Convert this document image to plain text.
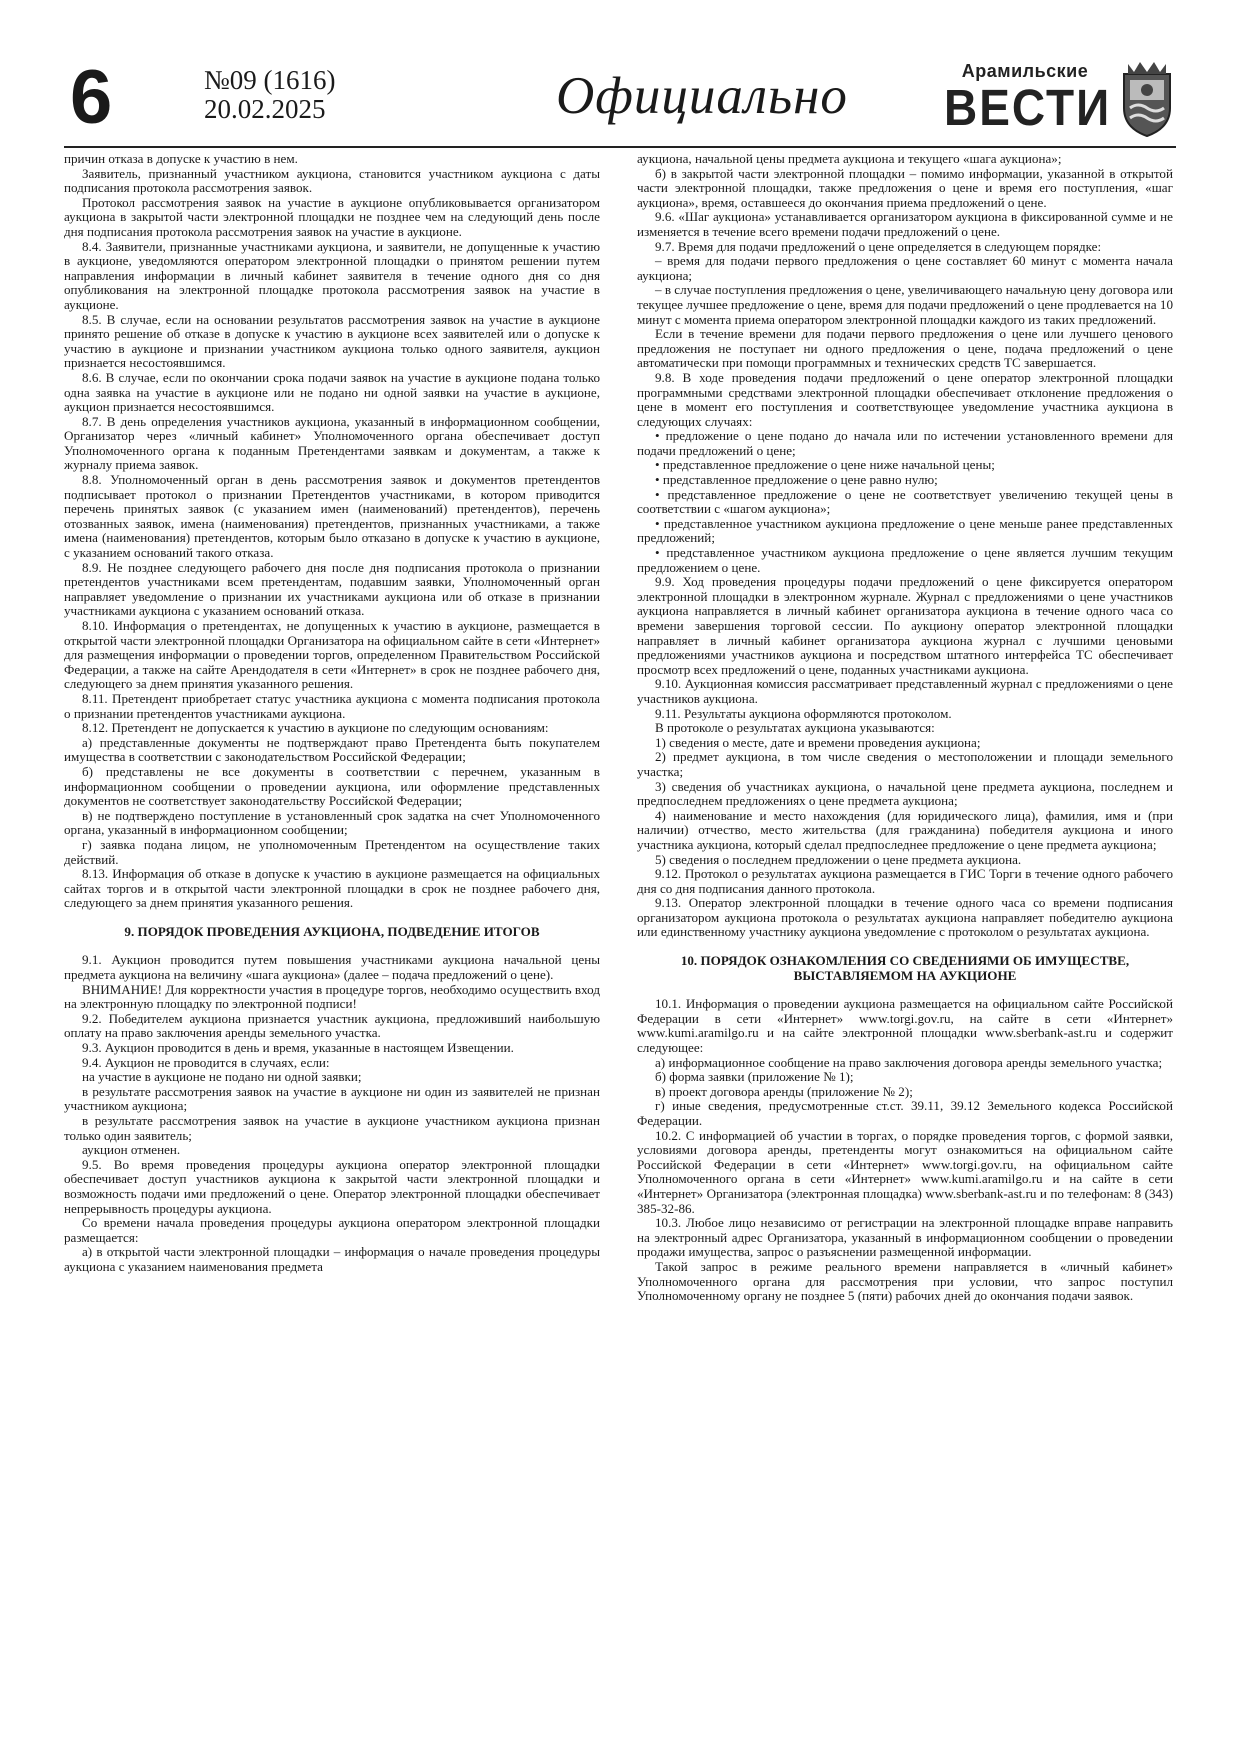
6	№09 (1616)
20.02.2025	Официально	Арамильские
ВЕСТИ

причин отказа в допуске к участию в нем.

Заявитель, признанный участником аукциона, становится участником аукциона с даты подписания протокола рассмотрения заявок.

Протокол рассмотрения заявок на участие в аукционе опубликовывается организатором аукциона в закрытой части электронной площадки не позднее чем на следующий день после дня подписания протокола рассмотрения заявок на участие в аукционе.

8.4. Заявители, признанные участниками аукциона, и заявители, не допущенные к участию в аукционе, уведомляются оператором электронной площадки о принятом решении путем направления информации в личный кабинет заявителя в течение одного дня со дня опубликования на электронной площадке протокола рассмотрения заявок на участие в аукционе.

8.5. В случае, если на основании результатов рассмотрения заявок на участие в аукционе принято решение об отказе в допуске к участию в аукционе всех заявителей или о допуске к участию в аукционе и признании участником аукциона только одного заявителя, аукцион признается несостоявшимся.

8.6. В случае, если по окончании срока подачи заявок на участие в аукционе подана только одна заявка на участие в аукционе или не подано ни одной заявки на участие в аукционе, аукцион признается несостоявшимся.

8.7. В день определения участников аукциона, указанный в информационном сообщении, Организатор через «личный кабинет» Уполномоченного органа обеспечивает доступ Уполномоченного органа к поданным Претендентами заявкам и документам, а также к журналу приема заявок.

8.8. Уполномоченный орган в день рассмотрения заявок и документов претендентов подписывает протокол о признании Претендентов участниками, в котором приводится перечень принятых заявок (с указанием имен (наименований) претендентов), перечень отозванных заявок, имена (наименования) претендентов, признанных участниками, а также имена (наименования) претендентов, которым было отказано в допуске к участию в аукционе, с указанием оснований такого отказа.

8.9. Не позднее следующего рабочего дня после дня подписания протокола о признании претендентов участниками всем претендентам, подавшим заявки, Уполномоченный орган направляет уведомление о признании их участниками аукциона или об отказе в признании участниками аукциона с указанием оснований отказа.

8.10. Информация о претендентах, не допущенных к участию в аукционе, размещается в открытой части электронной площадки Организатора на официальном сайте в сети «Интернет» для размещения информации о проведении торгов, определенном Правительством Российской Федерации, а также на сайте Арендодателя в сети «Интернет» в срок не позднее рабочего дня, следующего за днем принятия указанного решения.

8.11. Претендент приобретает статус участника аукциона с момента подписания протокола о признании претендентов участниками аукциона.

8.12. Претендент не допускается к участию в аукционе по следующим основаниям:

а) представленные документы не подтверждают право Претендента быть покупателем имущества в соответствии с законодательством Российской Федерации;

б) представлены не все документы в соответствии с перечнем, указанным в информационном сообщении о проведении аукциона, или оформление представленных документов не соответствует законодательству Российской Федерации;

в) не подтверждено поступление в установленный срок задатка на счет Уполномоченного органа, указанный в информационном сообщении;

г) заявка подана лицом, не уполномоченным Претендентом на осуществление таких действий.

8.13. Информация об отказе в допуске к участию в аукционе размещается на официальных сайтах торгов и в открытой части электронной площадки в срок не позднее рабочего дня, следующего за днем принятия указанного решения.

9. ПОРЯДОК ПРОВЕДЕНИЯ АУКЦИОНА, ПОДВЕДЕНИЕ ИТОГОВ

9.1. Аукцион проводится путем повышения участниками аукциона начальной цены предмета аукциона на величину «шага аукциона» (далее – подача предложений о цене).

ВНИМАНИЕ! Для корректности участия в процедуре торгов, необходимо осуществить вход на электронную площадку по электронной подписи!

9.2. Победителем аукциона признается участник аукциона, предложивший наибольшую оплату на право заключения аренды земельного участка.

9.3. Аукцион проводится в день и время, указанные в настоящем Извещении.

9.4. Аукцион не проводится в случаях, если:

на участие в аукционе не подано ни одной заявки;

в результате рассмотрения заявок на участие в аукционе ни один из заявителей не признан участником аукциона;

в результате рассмотрения заявок на участие в аукционе участником аукциона признан только один заявитель;

аукцион отменен.

9.5. Во время проведения процедуры аукциона оператор электронной площадки обеспечивает доступ участников аукциона к закрытой части электронной площадки и возможность подачи ими предложений о цене. Оператор электронной площадки обеспечивает непрерывность процедуры аукциона.

Со времени начала проведения процедуры аукциона оператором электронной площадки размещается:

а) в открытой части электронной площадки – информация о начале проведения процедуры аукциона с указанием наименования предмета

аукциона, начальной цены предмета аукциона и текущего «шага аукциона»;

б) в закрытой части электронной площадки – помимо информации, указанной в открытой части электронной площадки, также предложения о цене и время его поступления, «шаг аукциона», время, оставшееся до окончания приема предложений о цене.

9.6. «Шаг аукциона» устанавливается организатором аукциона в фиксированной сумме и не изменяется в течение всего времени подачи предложений о цене.

9.7. Время для подачи предложений о цене определяется в следующем порядке:

– время для подачи первого предложения о цене составляет 60 минут с момента начала аукциона;

– в случае поступления предложения о цене, увеличивающего начальную цену договора или текущее лучшее предложение о цене, время для подачи предложений о цене продлевается на 10 минут с момента приема оператором электронной площадки каждого из таких предложений.

Если в течение времени для подачи первого предложения о цене или лучшего ценового предложения не поступает ни одного предложения о цене, подача предложений о цене автоматически при помощи программных и технических средств ТС завершается.

9.8. В ходе проведения подачи предложений о цене оператор электронной площадки программными средствами электронной площадки обеспечивает отклонение предложения о цене в момент его поступления и соответствующее уведомление участника аукциона в следующих случаях:

• предложение о цене подано до начала или по истечении установленного времени для подачи предложений о цене;

• представленное предложение о цене ниже начальной цены;

• представленное предложение о цене равно нулю;

• представленное предложение о цене не соответствует увеличению текущей цены в соответствии с «шагом аукциона»;

• представленное участником аукциона предложение о цене меньше ранее представленных предложений;

• представленное участником аукциона предложение о цене является лучшим текущим предложением о цене.

9.9. Ход проведения процедуры подачи предложений о цене фиксируется оператором электронной площадки в электронном журнале. Журнал с предложениями о цене участников аукциона направляется в личный кабинет организатора аукциона в течение одного часа со времени завершения торговой сессии. По аукциону оператор электронной площадки направляет в личный кабинет организатора аукциона журнал с лучшими ценовыми предложениями участников аукциона и посредством штатного интерфейса ТС обеспечивает просмотр всех предложений о цене, поданных участниками аукциона.

9.10. Аукционная комиссия рассматривает представленный журнал с предложениями о цене участников аукциона.

9.11. Результаты аукциона оформляются протоколом.

В протоколе о результатах аукциона указываются:

1) сведения о месте, дате и времени проведения аукциона;

2) предмет аукциона, в том числе сведения о местоположении и площади земельного участка;

3) сведения об участниках аукциона, о начальной цене предмета аукциона, последнем и предпоследнем предложениях о цене предмета аукциона;

4) наименование и место нахождения (для юридического лица), фамилия, имя и (при наличии) отчество, место жительства (для гражданина) победителя аукциона и иного участника аукциона, который сделал предпоследнее предложение о цене предмета аукциона;

5) сведения о последнем предложении о цене предмета аукциона.

9.12. Протокол о результатах аукциона размещается в ГИС Торги в течение одного рабочего дня со дня подписания данного протокола.

9.13. Оператор электронной площадки в течение одного часа со времени подписания организатором аукциона протокола о результатах аукциона направляет победителю аукциона или единственному участнику аукциона уведомление с протоколом о результатах аукциона.

10. ПОРЯДОК ОЗНАКОМЛЕНИЯ СО СВЕДЕНИЯМИ ОБ ИМУЩЕСТВЕ, ВЫСТАВЛЯЕМОМ НА АУКЦИОНЕ

10.1. Информация о проведении аукциона размещается на официальном сайте Российской Федерации в сети «Интернет» www.torgi.gov.ru, на сайте в сети «Интернет» www.kumi.aramilgo.ru и на сайте электронной площадки www.sberbank-ast.ru и содержит следующее:

а) информационное сообщение на право заключения договора аренды земельного участка;

б) форма заявки (приложение № 1);

в) проект договора аренды (приложение № 2);

г) иные сведения, предусмотренные ст.ст. 39.11, 39.12 Земельного кодекса Российской Федерации.

10.2. С информацией об участии в торгах, о порядке проведения торгов, с формой заявки, условиями договора аренды, претенденты могут ознакомиться на официальном сайте Российской Федерации в сети «Интернет» www.torgi.gov.ru, на официальном сайте Уполномоченного органа в сети «Интернет» www.kumi.aramilgo.ru и на сайте в сети «Интернет» Организатора (электронная площадка) www.sberbank-ast.ru и по телефонам: 8 (343) 385-32-86.

10.3. Любое лицо независимо от регистрации на электронной площадке вправе направить на электронный адрес Организатора, указанный в информационном сообщении о проведении продажи имущества, запрос о разъяснении размещенной информации.

Такой запрос в режиме реального времени направляется в «личный кабинет» Уполномоченного органа для рассмотрения при условии, что запрос поступил Уполномоченному органу не позднее 5 (пяти) рабочих дней до окончания подачи заявок.
